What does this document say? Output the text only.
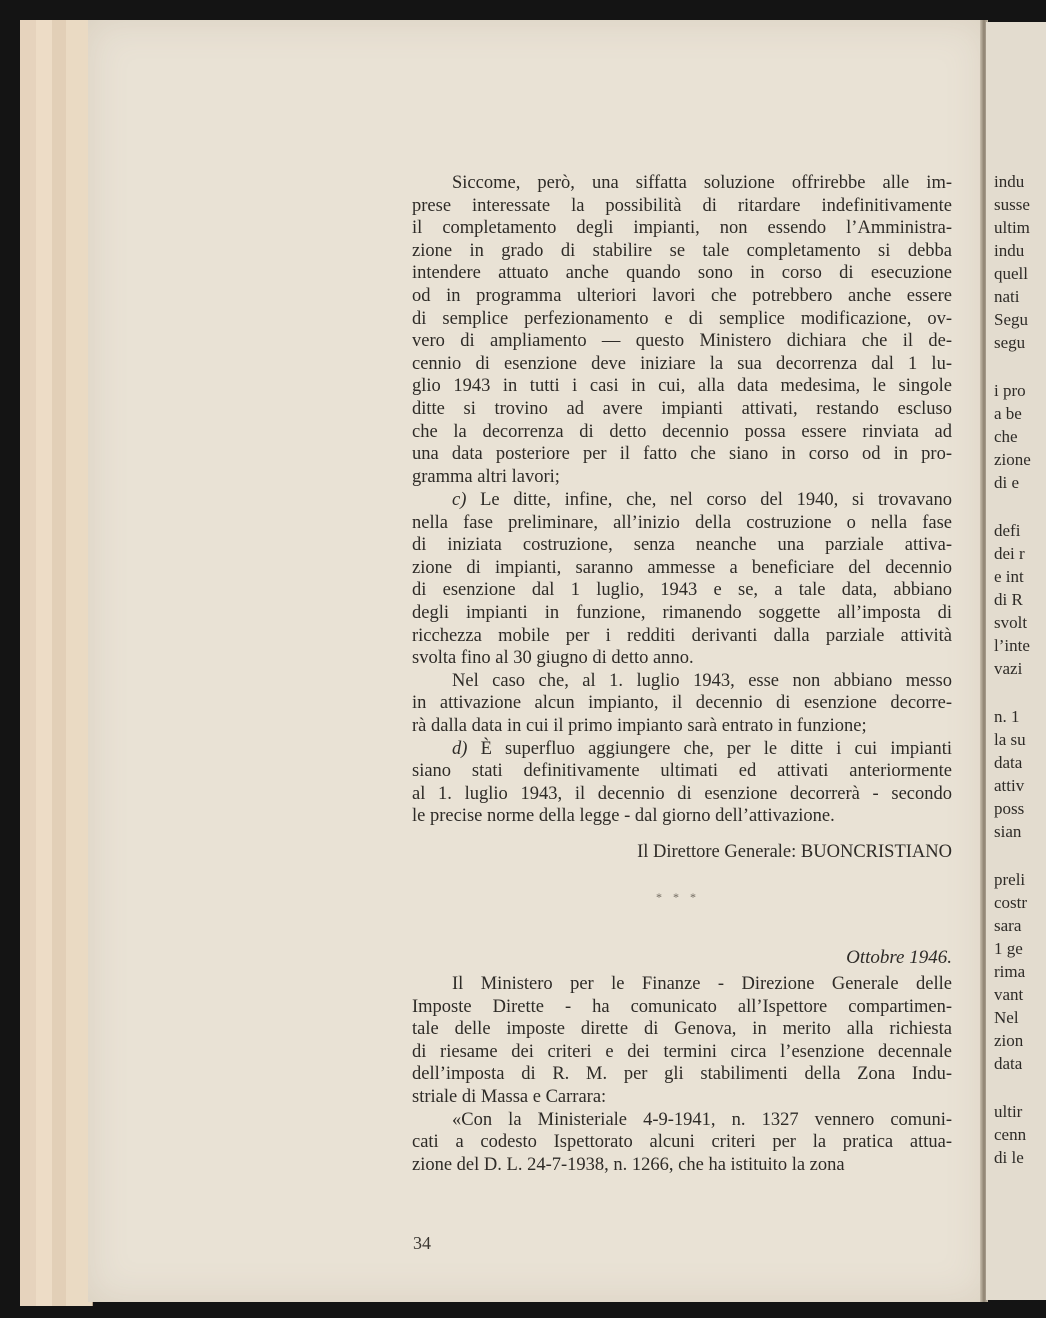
indu
susse
ultim
indu
quell
nati
Segu
segu
i pro
a be
che
zione
di e
defi
dei r
e int
di R
svolt
l’inte
vazi
n. 1
la su
data
attiv
poss
sian
preli
costr
sara
1 ge
rima
vant
Nel
zion
data
ultir
cenn
di le
Siccome, però, una siffatta soluzione offrirebbe alle im-
prese interessate la possibilità di ritardare indefinitivamente
il completamento degli impianti, non essendo l’Amministra-
zione in grado di stabilire se tale completamento si debba
intendere attuato anche quando sono in corso di esecuzione
od in programma ulteriori lavori che potrebbero anche essere
di semplice perfezionamento e di semplice modificazione, ov-
vero di ampliamento — questo Ministero dichiara che il de-
cennio di esenzione deve iniziare la sua decorrenza dal 1 lu-
glio 1943 in tutti i casi in cui, alla data medesima, le singole
ditte si trovino ad avere impianti attivati, restando escluso
che la decorrenza di detto decennio possa essere rinviata ad
una data posteriore per il fatto che siano in corso od in pro-
gramma altri lavori;
c) Le ditte, infine, che, nel corso del 1940, si trovavano
nella fase preliminare, all’inizio della costruzione o nella fase
di iniziata costruzione, senza neanche una parziale attiva-
zione di impianti, saranno ammesse a beneficiare del decennio
di esenzione dal 1 luglio, 1943 e se, a tale data, abbiano
degli impianti in funzione, rimanendo soggette all’imposta di
ricchezza mobile per i redditi derivanti dalla parziale attività
svolta fino al 30 giugno di detto anno.
Nel caso che, al 1. luglio 1943, esse non abbiano messo
in attivazione alcun impianto, il decennio di esenzione decorre-
rà dalla data in cui il primo impianto sarà entrato in funzione;
d) È superfluo aggiungere che, per le ditte i cui impianti
siano stati definitivamente ultimati ed attivati anteriormente
al 1. luglio 1943, il decennio di esenzione decorrerà - secondo
le precise norme della legge - dal giorno dell’attivazione.
Il Direttore Generale: BUONCRISTIANO
* * *
Ottobre 1946.
Il Ministero per le Finanze - Direzione Generale delle
Imposte Dirette - ha comunicato all’Ispettore compartimen-
tale delle imposte dirette di Genova, in merito alla richiesta
di riesame dei criteri e dei termini circa l’esenzione decennale
dell’imposta di R. M. per gli stabilimenti della Zona Indu-
striale di Massa e Carrara:
«Con la Ministeriale 4-9-1941, n. 1327 vennero comuni-
cati a codesto Ispettorato alcuni criteri per la pratica attua-
zione del D. L. 24-7-1938, n. 1266, che ha istituito la zona
34
